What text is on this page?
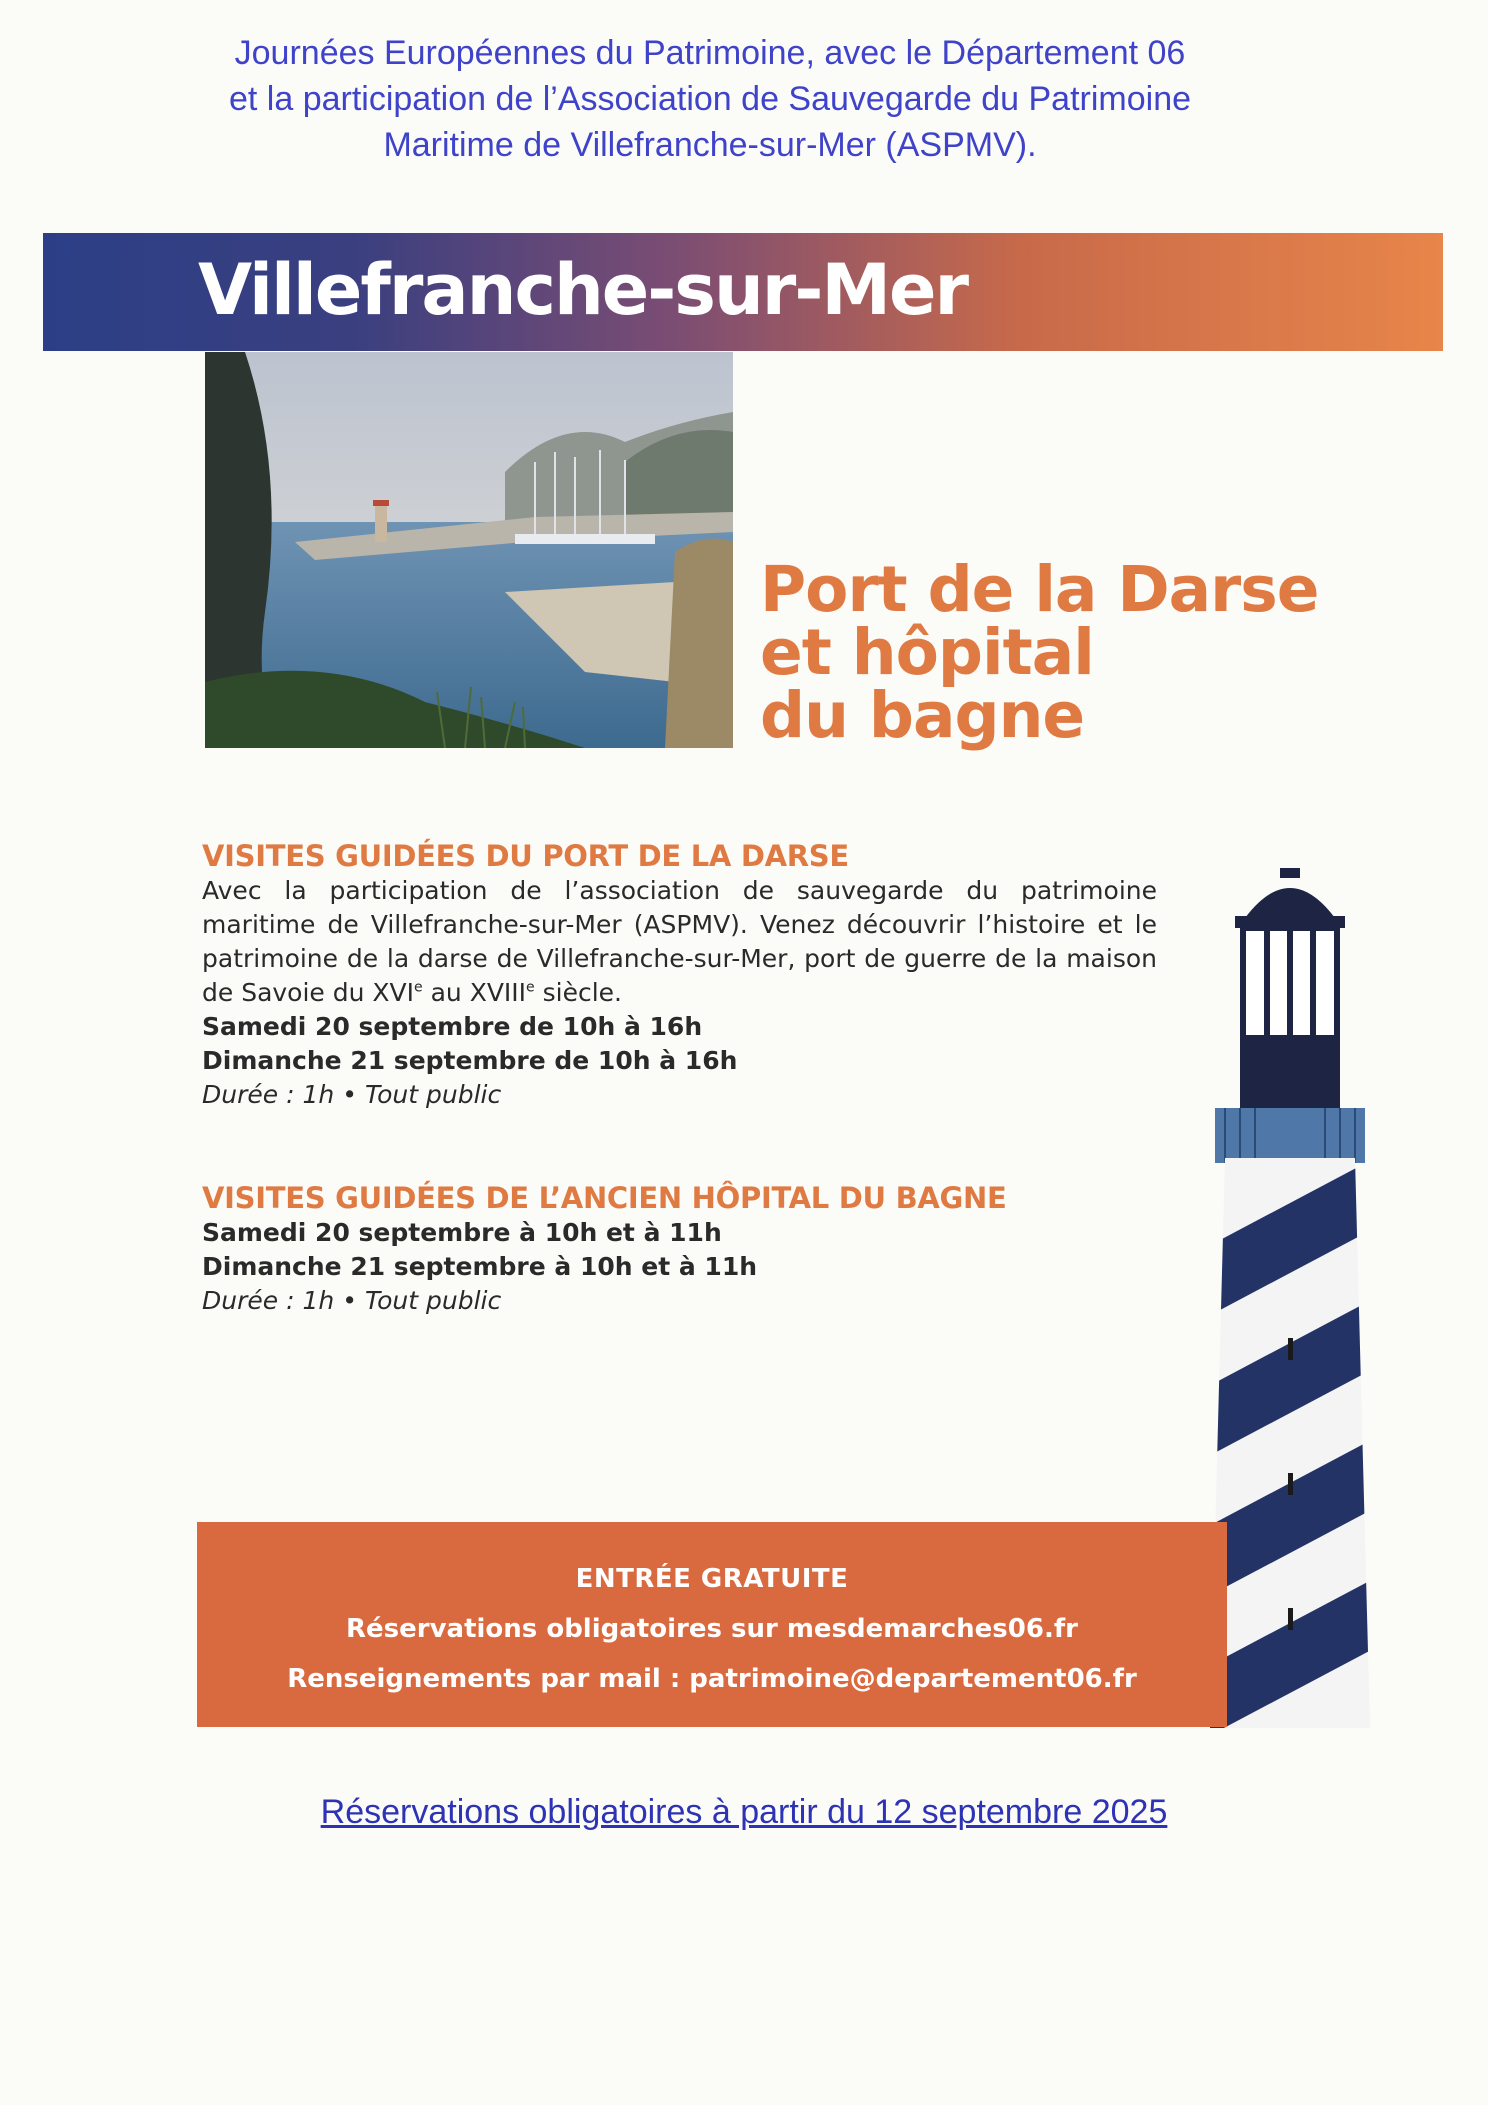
Journées Européennes du Patrimoine, avec le Département 06
et la participation de l’Association de Sauvegarde du Patrimoine
Maritime de Villefranche-sur-Mer (ASPMV).
Villefranche-sur-Mer
Port de la Darse
et hôpital
du bagne
VISITES GUIDÉES DU PORT DE LA DARSE
Avec la participation de l’association de sauvegarde du patrimoine maritime de Villefranche-sur-Mer (ASPMV). Venez découvrir l’histoire et le patrimoine de la darse de Villefranche-sur-Mer, port de guerre de la maison de Savoie du XVIe au XVIIIe siècle.
Samedi 20 septembre de 10h à 16h
Dimanche 21 septembre de 10h à 16h
Durée : 1h • Tout public
VISITES GUIDÉES DE L’ANCIEN HÔPITAL DU BAGNE
Samedi 20 septembre à 10h et à 11h
Dimanche 21 septembre à 10h et à 11h
Durée : 1h • Tout public
ENTRÉE GRATUITE
Réservations obligatoires sur mesdemarches06.fr
Renseignements par mail : patrimoine@departement06.fr
Réservations obligatoires à partir du 12 septembre 2025
